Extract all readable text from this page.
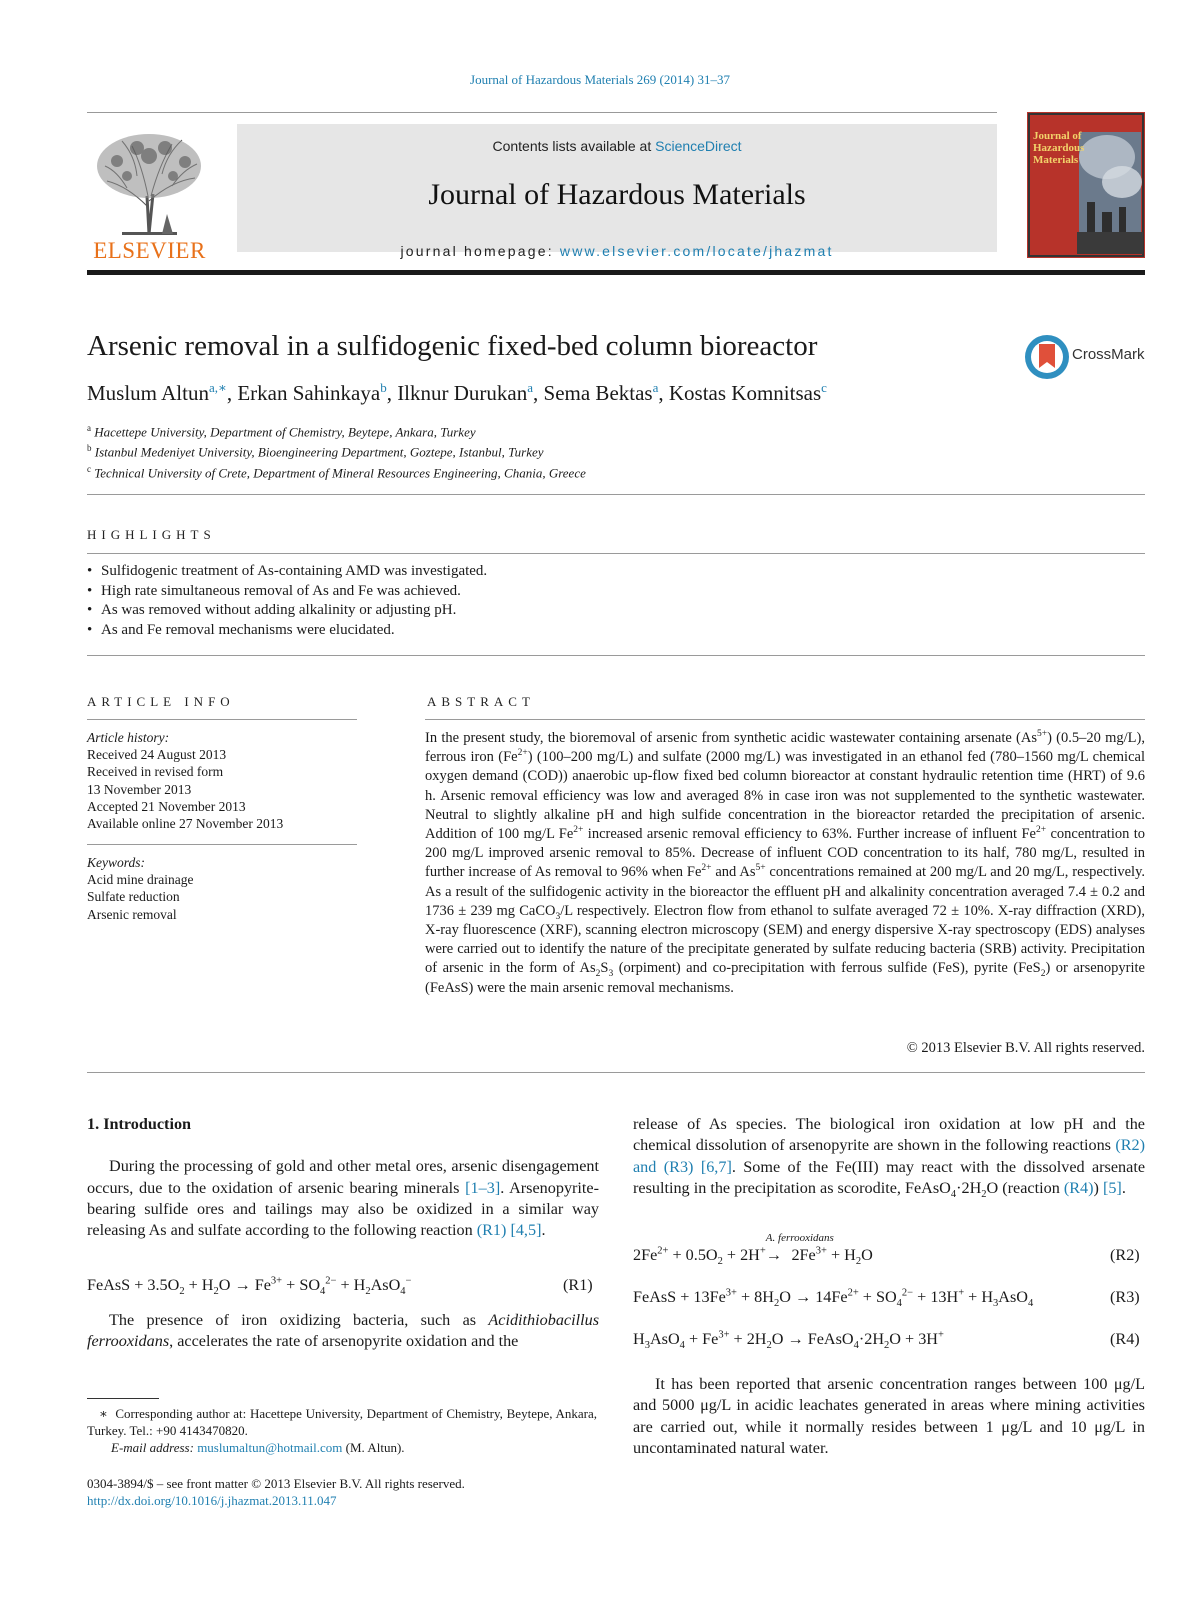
Journal of Hazardous Materials 269 (2014) 31–37
ELSEVIER
Contents lists available at ScienceDirect
Journal of Hazardous Materials
journal homepage: www.elsevier.com/locate/jhazmat
Journal of Hazardous Materials
Arsenic removal in a sulfidogenic fixed-bed column bioreactor	CrossMark
Muslum Altun$^{a,∗}$, Erkan Sahinkaya$^b$, Ilknur Durukan$^a$, Sema Bektas$^a$, Kostas Komnitsas$^c$
$^a$ Hacettepe University, Department of Chemistry, Beytepe, Ankara, Turkey
$^b$ Istanbul Medeniyet University, Bioengineering Department, Goztepe, Istanbul, Turkey
$^c$ Technical University of Crete, Department of Mineral Resources Engineering, Chania, Greece
HIGHLIGHTS
• Sulfidogenic treatment of As-containing AMD was investigated.
• High rate simultaneous removal of As and Fe was achieved.
• As was removed without adding alkalinity or adjusting pH.
• As and Fe removal mechanisms were elucidated.
ARTICLE INFO
Article history:
Received 24 August 2013
Received in revised form
13 November 2013
Accepted 21 November 2013
Available online 27 November 2013
Keywords:
Acid mine drainage
Sulfate reduction
Arsenic removal
ABSTRACT
In the present study, the bioremoval of arsenic from synthetic acidic wastewater containing arsenate $(As^{5+})$ (0.5–20 mg/L), ferrous iron $(Fe^{2+})$ (100–200 mg/L) and sulfate (2000 mg/L) was investigated in an ethanol fed (780–1560 mg/L chemical oxygen demand (COD)) anaerobic up-flow fixed bed column bioreactor at constant hydraulic retention time (HRT) of 9.6 h. Arsenic removal efficiency was low and averaged 8% in case iron was not supplemented to the synthetic wastewater. Neutral to slightly alkaline pH and high sulfide concentration in the bioreactor retarded the precipitation of arsenic. Addition of 100 mg/L $Fe^{2+}$ increased arsenic removal efficiency to 63%. Further increase of influent $Fe^{2+}$ concentration to 200 mg/L improved arsenic removal to 85%. Decrease of influent COD concentration to its half, 780 mg/L, resulted in further increase of As removal to 96% when $Fe^{2+}$ and $As^{5+}$ concentrations remained at 200 mg/L and 20 mg/L, respectively. As a result of the sulfidogenic activity in the bioreactor the effluent pH and alkalinity concentration averaged 7.4 ± 0.2 and 1736 ± 239 mg CaCO$_3$/L respectively. Electron flow from ethanol to sulfate averaged 72 ± 10%. X-ray diffraction (XRD), X-ray fluorescence (XRF), scanning electron microscopy (SEM) and energy dispersive X-ray spectroscopy (EDS) analyses were carried out to identify the nature of the precipitate generated by sulfate reducing bacteria (SRB) activity. Precipitation of arsenic in the form of $As_2S_3$ (orpiment) and co-precipitation with ferrous sulfide (FeS), pyrite (FeS$_2$) or arsenopyrite (FeAsS) were the main arsenic removal mechanisms.
© 2013 Elsevier B.V. All rights reserved.
1. Introduction

During the processing of gold and other metal ores, arsenic disengagement occurs, due to the oxidation of arsenic bearing minerals [1–3]. Arsenopyrite-bearing sulfide ores and tailings may also be oxidized in a similar way releasing As and sulfate according to the following reaction (R1) [4,5].

FeAsS + $3.5O_2 + H_2O \to Fe^{3+} + SO_4^{2-} + H_2AsO_4^-$	(R1)

The presence of iron oxidizing bacteria, such as Acidithiobacillus ferrooxidans, accelerates the rate of arsenopyrite oxidation and the

release of As species. The biological iron oxidation at low pH and the chemical dissolution of arsenopyrite are shown in the following reactions (R2) and (R3) [6,7]. Some of the Fe(III) may react with the dissolved arsenate resulting in the precipitation as scorodite, $FeAsO_4\cdot 2H_2O$ (reaction (R4)) [5].

$2Fe^{2+} + 0.5O_2 + 2H^+$
A. ferrooxidans
→       $2Fe^{3+} + H_2O$	(R2)
FeAsS + $13Fe^{3+} + 8H_2O \to 14Fe^{2+} + SO_4^{2-} + 13H^+ + H_3AsO_4$	(R3)
$H_3AsO_4 + Fe^{3+} + 2H_2O$ → $FeAsO_4\cdot 2H_2O + 3H^+$	(R4)

It has been reported that arsenic concentration ranges between 100 μg/L and 5000 μg/L in acidic leachates generated in areas where mining activities are carried out, while it normally resides between 1 μg/L and 10 μg/L in uncontaminated natural water.

∗ Corresponding author at: Hacettepe University, Department of Chemistry, Beytepe, Ankara, Turkey. Tel.: +90 4143470820.
E-mail address: muslumaltun@hotmail.com (M. Altun).
0304-3894/$ – see front matter © 2013 Elsevier B.V. All rights reserved.
http://dx.doi.org/10.1016/j.jhazmat.2013.11.047
